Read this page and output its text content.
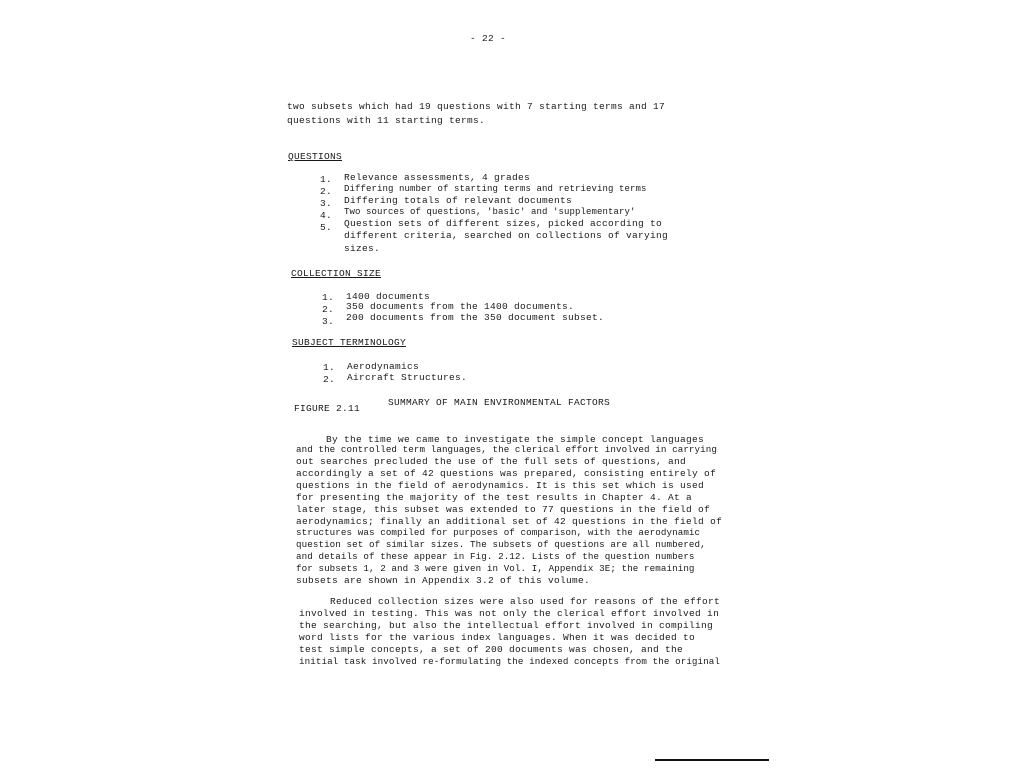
- 22 -
two subsets which had 19 questions with 7 starting terms and 17
questions with 11 starting terms.
QUESTIONS
1. Relevance assessments, 4 grades
2. Differing number of starting terms and retrieving terms
3. Differing totals of relevant documents
4. Two sources of questions, 'basic' and 'supplementary'
5. Question sets of different sizes, picked according to
different criteria, searched on collections of varying
sizes.
COLLECTION SIZE
1. 1400 documents
2. 350 documents from the 1400 documents.
3. 200 documents from the 350 document subset.
SUBJECT TERMINOLOGY
1. Aerodynamics
2. Aircraft Structures.
FIGURE 2.11
SUMMARY OF MAIN ENVIRONMENTAL FACTORS
By the time we came to investigate the simple concept languages
and the controlled term languages, the clerical effort involved in carrying
out searches precluded the use of the full sets of questions, and
accordingly a set of 42 questions was prepared, consisting entirely of
questions in the field of aerodynamics. It is this set which is used
for presenting the majority of the test results in Chapter 4. At a
later stage, this subset was extended to 77 questions in the field of
aerodynamics; finally an additional set of 42 questions in the field of
structures was compiled for purposes of comparison, with the aerodynamic
question set of similar sizes. The subsets of questions are all numbered,
and details of these appear in Fig. 2.12. Lists of the question numbers
for subsets 1, 2 and 3 were given in Vol. I, Appendix 3E; the remaining
subsets are shown in Appendix 3.2 of this volume.
Reduced collection sizes were also used for reasons of the effort
involved in testing. This was not only the clerical effort involved in
the searching, but also the intellectual effort involved in compiling
word lists for the various index languages. When it was decided to
test simple concepts, a set of 200 documents was chosen, and the
initial task involved re-formulating the indexed concepts from the original
